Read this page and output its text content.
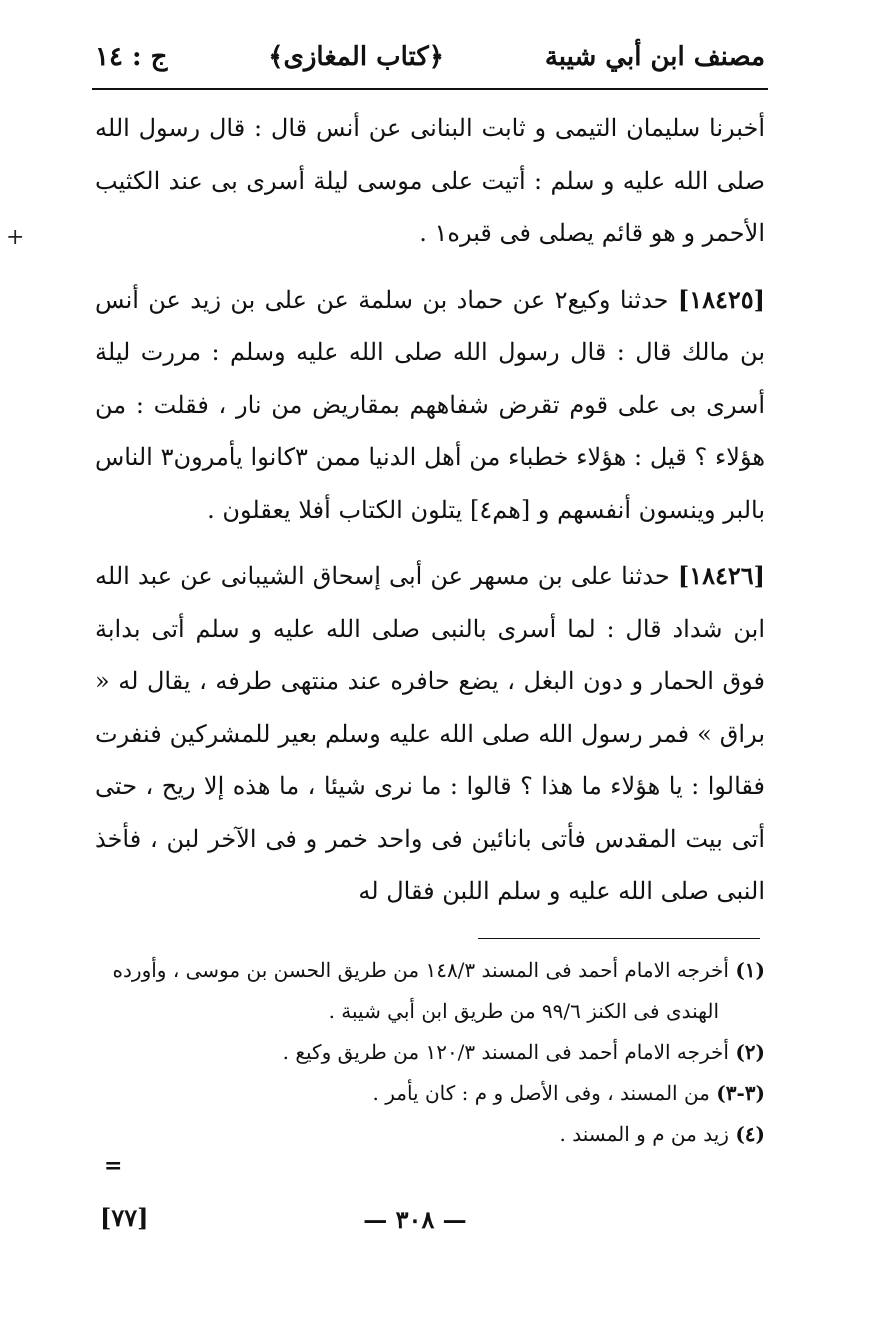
مصنف ابن أبي شيبة
﴿كتاب المغازى﴾
ج : ١٤

أخبرنا سليمان التيمى و ثابت البنانى عن أنس قال : قال رسول الله صلى الله عليه و سلم : أتيت على موسى ليلة أسرى بى عند الكثيب الأحمر و هو قائم يصلى فى قبره١ .

[١٨٤٢٥] حدثنا وكيع٢ عن حماد بن سلمة عن على بن زيد عن أنس بن مالك قال : قال رسول الله صلى الله عليه وسلم : مررت ليلة أسرى بى على قوم تقرض شفاههم بمقاريض من نار ، فقلت : من هؤلاء ؟ قيل : هؤلاء خطباء من أهل الدنيا ممن ٣كانوا يأمرون٣ الناس بالبر وينسون أنفسهم و [هم٤] يتلون الكتاب أفلا يعقلون .

[١٨٤٢٦] حدثنا على بن مسهر عن أبى إسحاق الشيبانى عن عبد الله ابن شداد قال : لما أسرى بالنبى صلى الله عليه و سلم أتى بدابة فوق الحمار و دون البغل ، يضع حافره عند منتهى طرفه ، يقال له « براق » فمر رسول الله صلى الله عليه وسلم بعير للمشركين فنفرت فقالوا : يا هؤلاء ما هذا ؟ قالوا : ما نرى شيئا ، ما هذه إلا ريح ، حتى أتى بيت المقدس فأتى بانائين فى واحد خمر و فى الآخر لبن ، فأخذ النبى صلى الله عليه و سلم اللبن فقال له

(١) أخرجه الامام أحمد فى المسند ١٤٨/٣ من طريق الحسن بن موسى ، وأورده

الهندى فى الكنز ٩٩/٦ من طريق ابن أبي شيبة .

(٢) أخرجه الامام أحمد فى المسند ١٢٠/٣ من طريق وكيع .

(٣-٣) من المسند ، وفى الأصل و م : كان يأمر .

(٤) زيد من م و المسند .

=
— ٣٠٨ —
[٧٧]
+
